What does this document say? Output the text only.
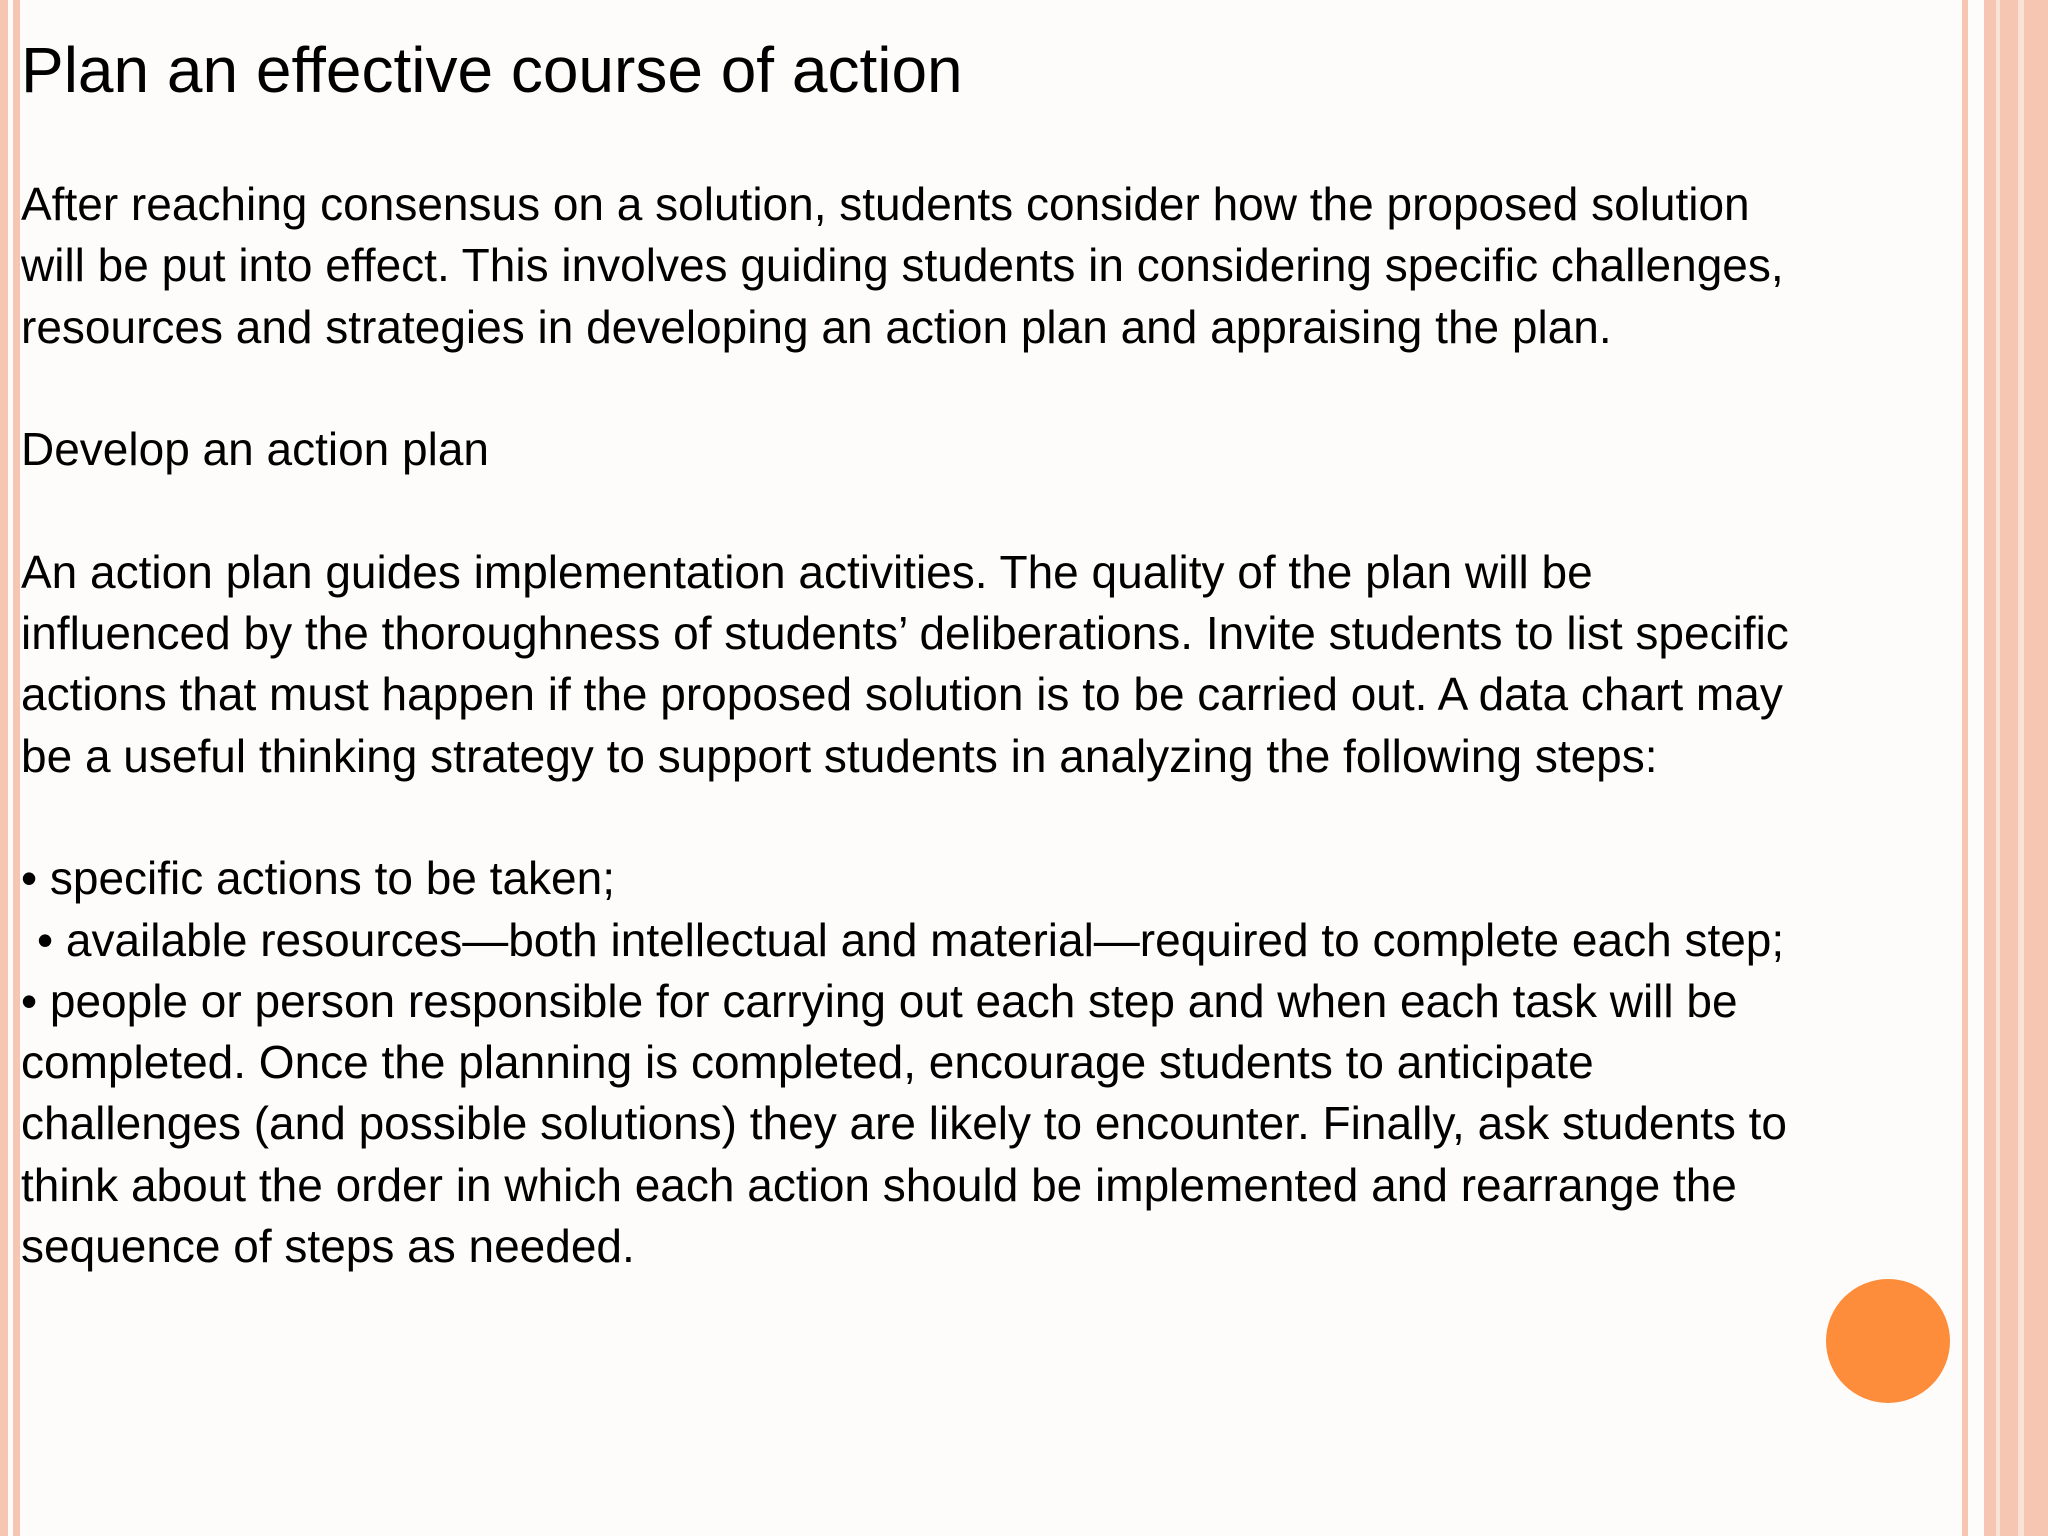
Plan an effective course of action

After reaching consensus on a solution, students consider how the proposed solution

will be put into effect. This involves guiding students in considering specific challenges,

resources and strategies in developing an action plan and appraising the plan.

Develop an action plan

An action plan guides implementation activities. The quality of the plan will be

influenced by the thoroughness of students’ deliberations. Invite students to list specific

actions that must happen if the proposed solution is to be carried out. A data chart may

be a useful thinking strategy to support students in analyzing the following steps:

• specific actions to be taken;

• available resources—both intellectual and material—required to complete each step;

• people or person responsible for carrying out each step and when each task will be

completed. Once the planning is completed, encourage students to anticipate

challenges (and possible solutions) they are likely to encounter. Finally, ask students to

think about the order in which each action should be implemented and rearrange the

sequence of steps as needed.
